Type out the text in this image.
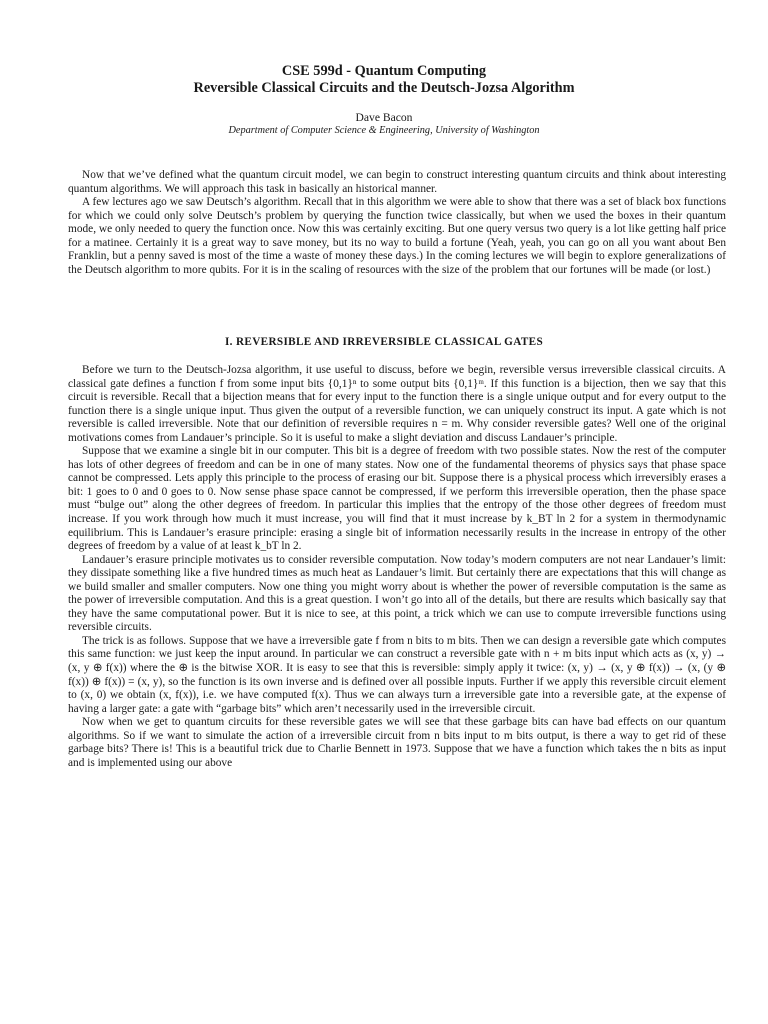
CSE 599d - Quantum Computing
Reversible Classical Circuits and the Deutsch-Jozsa Algorithm
Dave Bacon
Department of Computer Science & Engineering, University of Washington

Now that we’ve defined what the quantum circuit model, we can begin to construct interesting quantum circuits and think about interesting quantum algorithms. We will approach this task in basically an historical manner.

A few lectures ago we saw Deutsch’s algorithm. Recall that in this algorithm we were able to show that there was a set of black box functions for which we could only solve Deutsch’s problem by querying the function twice classically, but when we used the boxes in their quantum mode, we only needed to query the function once. Now this was certainly exciting. But one query versus two query is a lot like getting half price for a matinee. Certainly it is a great way to save money, but its no way to build a fortune (Yeah, yeah, you can go on all you want about Ben Franklin, but a penny saved is most of the time a waste of money these days.) In the coming lectures we will begin to explore generalizations of the Deutsch algorithm to more qubits. For it is in the scaling of resources with the size of the problem that our fortunes will be made (or lost.)

I. REVERSIBLE AND IRREVERSIBLE CLASSICAL GATES

Before we turn to the Deutsch-Jozsa algorithm, it use useful to discuss, before we begin, reversible versus irreversible classical circuits. A classical gate defines a function f from some input bits {0,1}ⁿ to some output bits {0,1}ᵐ. If this function is a bijection, then we say that this circuit is reversible. Recall that a bijection means that for every input to the function there is a single unique output and for every output to the function there is a single unique input. Thus given the output of a reversible function, we can uniquely construct its input. A gate which is not reversible is called irreversible. Note that our definition of reversible requires n = m. Why consider reversible gates? Well one of the original motivations comes from Landauer’s principle. So it is useful to make a slight deviation and discuss Landauer’s principle.

Suppose that we examine a single bit in our computer. This bit is a degree of freedom with two possible states. Now the rest of the computer has lots of other degrees of freedom and can be in one of many states. Now one of the fundamental theorems of physics says that phase space cannot be compressed. Lets apply this principle to the process of erasing our bit. Suppose there is a physical process which irreversibly erases a bit: 1 goes to 0 and 0 goes to 0. Now sense phase space cannot be compressed, if we perform this irreversible operation, then the phase space must “bulge out” along the other degrees of freedom. In particular this implies that the entropy of the those other degrees of freedom must increase. If you work through how much it must increase, you will find that it must increase by k_BT ln 2 for a system in thermodynamic equilibrium. This is Landauer’s erasure principle: erasing a single bit of information necessarily results in the increase in entropy of the other degrees of freedom by a value of at least k_bT ln 2.

Landauer’s erasure principle motivates us to consider reversible computation. Now today’s modern computers are not near Landauer’s limit: they dissipate something like a five hundred times as much heat as Landauer’s limit. But certainly there are expectations that this will change as we build smaller and smaller computers. Now one thing you might worry about is whether the power of reversible computation is the same as the power of irreversible computation. And this is a great question. I won’t go into all of the details, but there are results which basically say that they have the same computational power. But it is nice to see, at this point, a trick which we can use to compute irreversible functions using reversible circuits.

The trick is as follows. Suppose that we have a irreversible gate f from n bits to m bits. Then we can design a reversible gate which computes this same function: we just keep the input around. In particular we can construct a reversible gate with n + m bits input which acts as (x, y) → (x, y ⊕ f(x)) where the ⊕ is the bitwise XOR. It is easy to see that this is reversible: simply apply it twice: (x, y) → (x, y ⊕ f(x)) → (x, (y ⊕ f(x)) ⊕ f(x)) = (x, y), so the function is its own inverse and is defined over all possible inputs. Further if we apply this reversible circuit element to (x, 0) we obtain (x, f(x)), i.e. we have computed f(x). Thus we can always turn a irreversible gate into a reversible gate, at the expense of having a larger gate: a gate with “garbage bits” which aren’t necessarily used in the irreversible circuit.

Now when we get to quantum circuits for these reversible gates we will see that these garbage bits can have bad effects on our quantum algorithms. So if we want to simulate the action of a irreversible circuit from n bits input to m bits output, is there a way to get rid of these garbage bits? There is! This is a beautiful trick due to Charlie Bennett in 1973. Suppose that we have a function which takes the n bits as input and is implemented using our above
